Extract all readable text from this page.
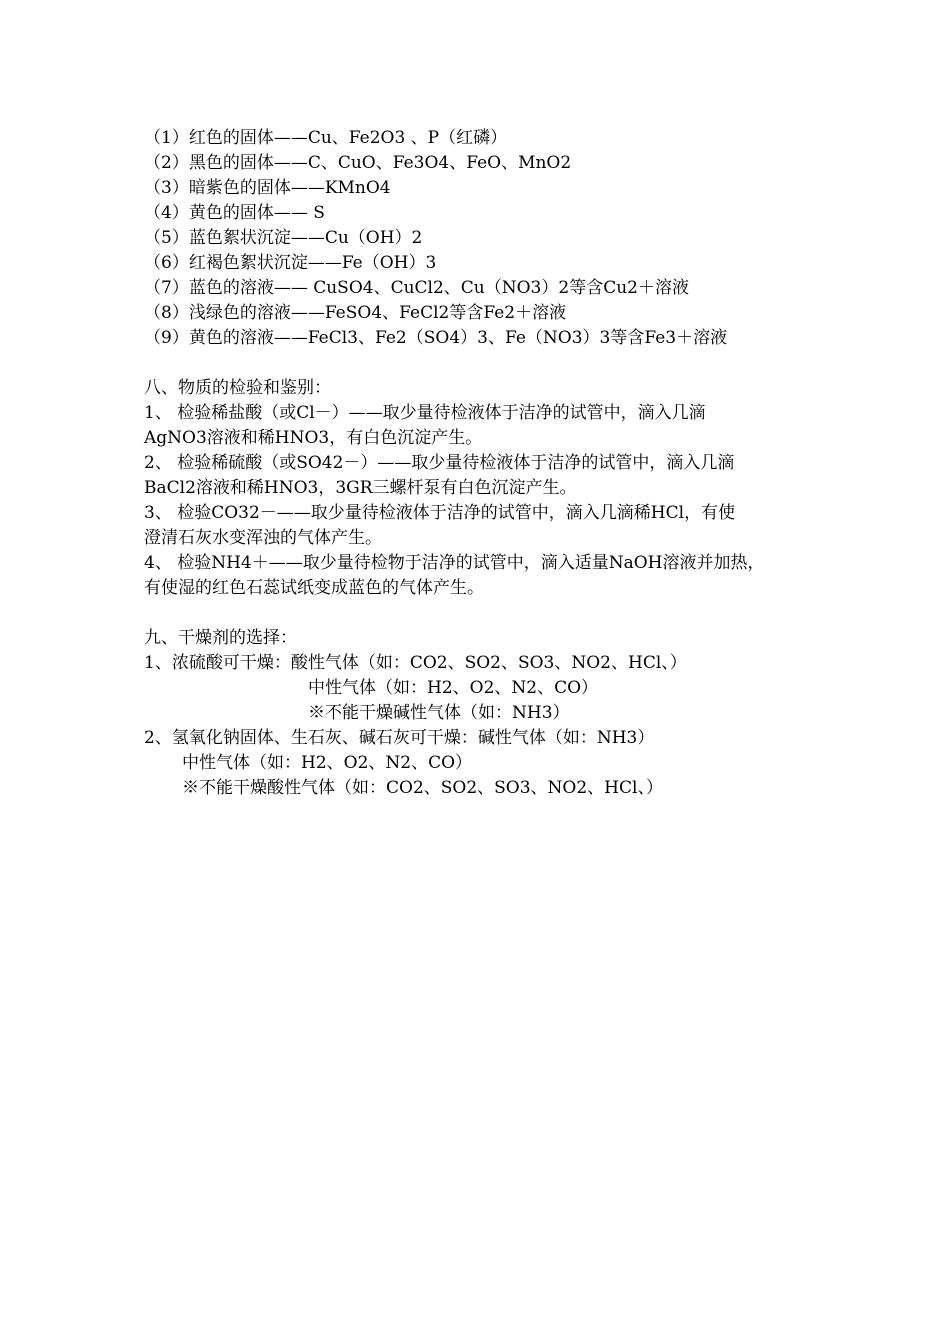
（1）红色的固体——Cu、Fe2O3 、P（红磷）
（2）黑色的固体——C、CuO、Fe3O4、FeO、MnO2
（3）暗紫色的固体——KMnO4
（4）黄色的固体—— S
（5）蓝色絮状沉淀——Cu（OH）2
（6）红褐色絮状沉淀——Fe（OH）3
（7）蓝色的溶液—— CuSO4、CuCl2、Cu（NO3）2等含Cu2＋溶液
（8）浅绿色的溶液——FeSO4、FeCl2等含Fe2＋溶液
（9）黄色的溶液——FeCl3、Fe2（SO4）3、Fe（NO3）3等含Fe3＋溶液
八、物质的检验和鉴别：
1、 检验稀盐酸（或Cl－）——取少量待检液体于洁净的试管中，滴入几滴
AgNO3溶液和稀HNO3，有白色沉淀产生。
2、 检验稀硫酸（或SO42－）——取少量待检液体于洁净的试管中，滴入几滴
BaCl2溶液和稀HNO3，3GR三螺杆泵有白色沉淀产生。
3、 检验CO32－——取少量待检液体于洁净的试管中，滴入几滴稀HCl，有使
澄清石灰水变浑浊的气体产生。
4、 检验NH4＋——取少量待检物于洁净的试管中，滴入适量NaOH溶液并加热，
有使湿的红色石蕊试纸变成蓝色的气体产生。
九、干燥剂的选择：
1、浓硫酸可干燥：酸性气体（如：CO2、SO2、SO3、NO2、HCl、）
中性气体（如：H2、O2、N2、CO）
※不能干燥碱性气体（如：NH3）
2、氢氧化钠固体、生石灰、碱石灰可干燥：碱性气体（如：NH3）
中性气体（如：H2、O2、N2、CO）
※不能干燥酸性气体（如：CO2、SO2、SO3、NO2、HCl、）
